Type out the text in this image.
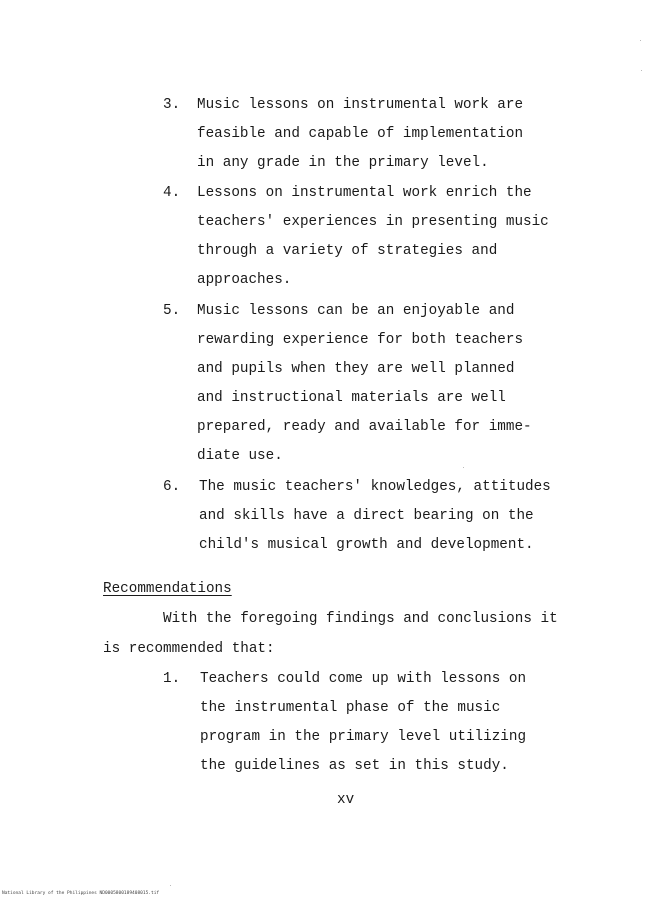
3. Music lessons on instrumental work are

feasible and capable of implementation

in any grade in the primary level.

4. Lessons on instrumental work enrich the

teachers' experiences in presenting music

through a variety of strategies and

approaches.

5. Music lessons can be an enjoyable and

rewarding experience for both teachers

and pupils when they are well planned

and instructional materials are well

prepared, ready and available for imme-

diate use.

6. The music teachers' knowledges, attitudes

and skills have a direct bearing on the

child's musical growth and development.

Recommendations

With the foregoing findings and conclusions it

is recommended that:

1. Teachers could come up with lessons on

the instrumental phase of the music

program in the primary level utilizing

the guidelines as set in this study.

xv

National Library of the Philippines ND0005800189408015.tif
